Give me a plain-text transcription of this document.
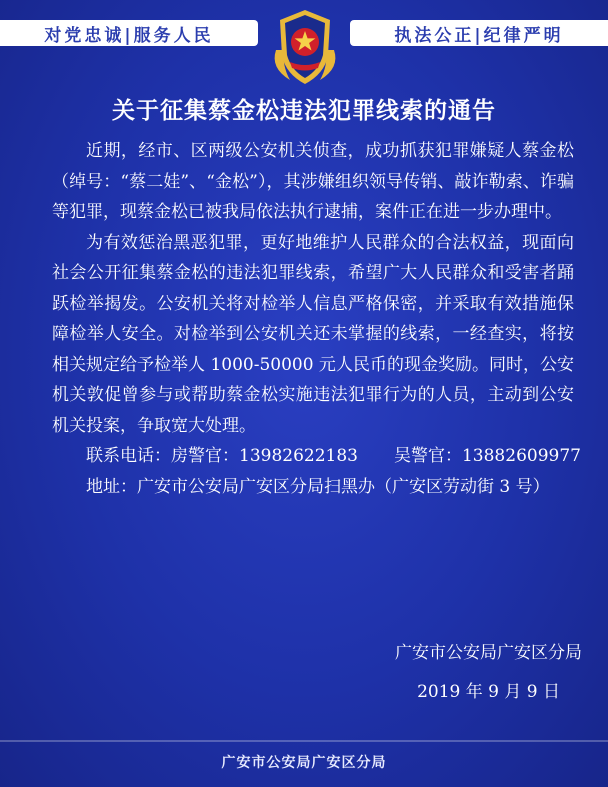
对党忠诚|服务人民	执法公正|纪律严明
关于征集蔡金松违法犯罪线索的通告

近期，经市、区两级公安机关侦查，成功抓获犯罪嫌疑人蔡金松（绰号：“蔡二娃”、“金松”），其涉嫌组织领导传销、敲诈勒索、诈骗等犯罪，现蔡金松已被我局依法执行逮捕，案件正在进一步办理中。

为有效惩治黑恶犯罪，更好地维护人民群众的合法权益，现面向社会公开征集蔡金松的违法犯罪线索，希望广大人民群众和受害者踊跃检举揭发。公安机关将对检举人信息严格保密，并采取有效措施保障检举人安全。对检举到公安机关还未掌握的线索，一经查实，将按相关规定给予检举人 1000-50000 元人民币的现金奖励。同时，公安机关敦促曾参与或帮助蔡金松实施违法犯罪行为的人员，主动到公安机关投案，争取宽大处理。

联系电话：房警官：13982622183 吴警官：13882609977

地址：广安市公安局广安区分局扫黑办（广安区劳动街 3 号）

广安市公安局广安区分局
2019 年 9 月 9 日
广安市公安局广安区分局
